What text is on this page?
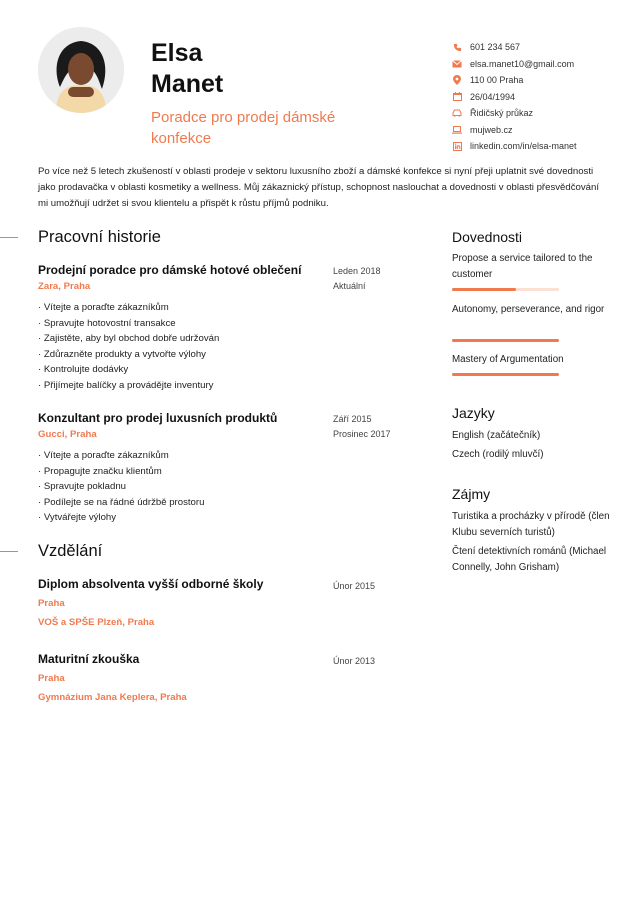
Elsa
Manet
Poradce pro prodej dámské
konfekce
601 234 567
elsa.manet10@gmail.com
110 00 Praha
26/04/1994
Řidičský průkaz
mujweb.cz
linkedin.com/in/elsa-manet
Po více než 5 letech zkušeností v oblasti prodeje v sektoru luxusního zboží a dámské konfekce si nyní přeji uplatnit své dovednosti jako prodavačka v oblasti kosmetiky a wellness. Můj zákaznický přístup, schopnost naslouchat a dovednosti v oblasti přesvědčování mi umožňují udržet si svou klientelu a přispět k růstu příjmů podniku.
Pracovní historie
Prodejní poradce pro dámské hotové oblečení
Zara, Praha
Leden 2018
Aktuální
· Vítejte a poraďte zákazníkům
· Spravujte hotovostní transakce
· Zajistěte, aby byl obchod dobře udržován
· Zdůrazněte produkty a vytvořte výlohy
· Kontrolujte dodávky
· Přijímejte balíčky a provádějte inventury
Konzultant pro prodej luxusních produktů
Gucci, Praha
Září 2015
Prosinec 2017
· Vítejte a poraďte zákazníkům
· Propagujte značku klientům
· Spravujte pokladnu
· Podílejte se na řádné údržbě prostoru
· Vytvářejte výlohy
Vzdělání
Diplom absolventa vyšší odborné školy
Praha
VOŠ a SPŠE Plzeň, Praha
Únor 2015
Maturitní zkouška
Praha
Gymnázium Jana Keplera, Praha
Únor 2013
Dovednosti
Propose a service tailored to the customer
Autonomy, perseverance, and rigor
Mastery of Argumentation
Jazyky
English (začátečník)
Czech (rodilý mluvčí)
Zájmy
Turistika a procházky v přírodě (člen Klubu severních turistů)
Čtení detektivních románů (Michael Connelly, John Grisham)
